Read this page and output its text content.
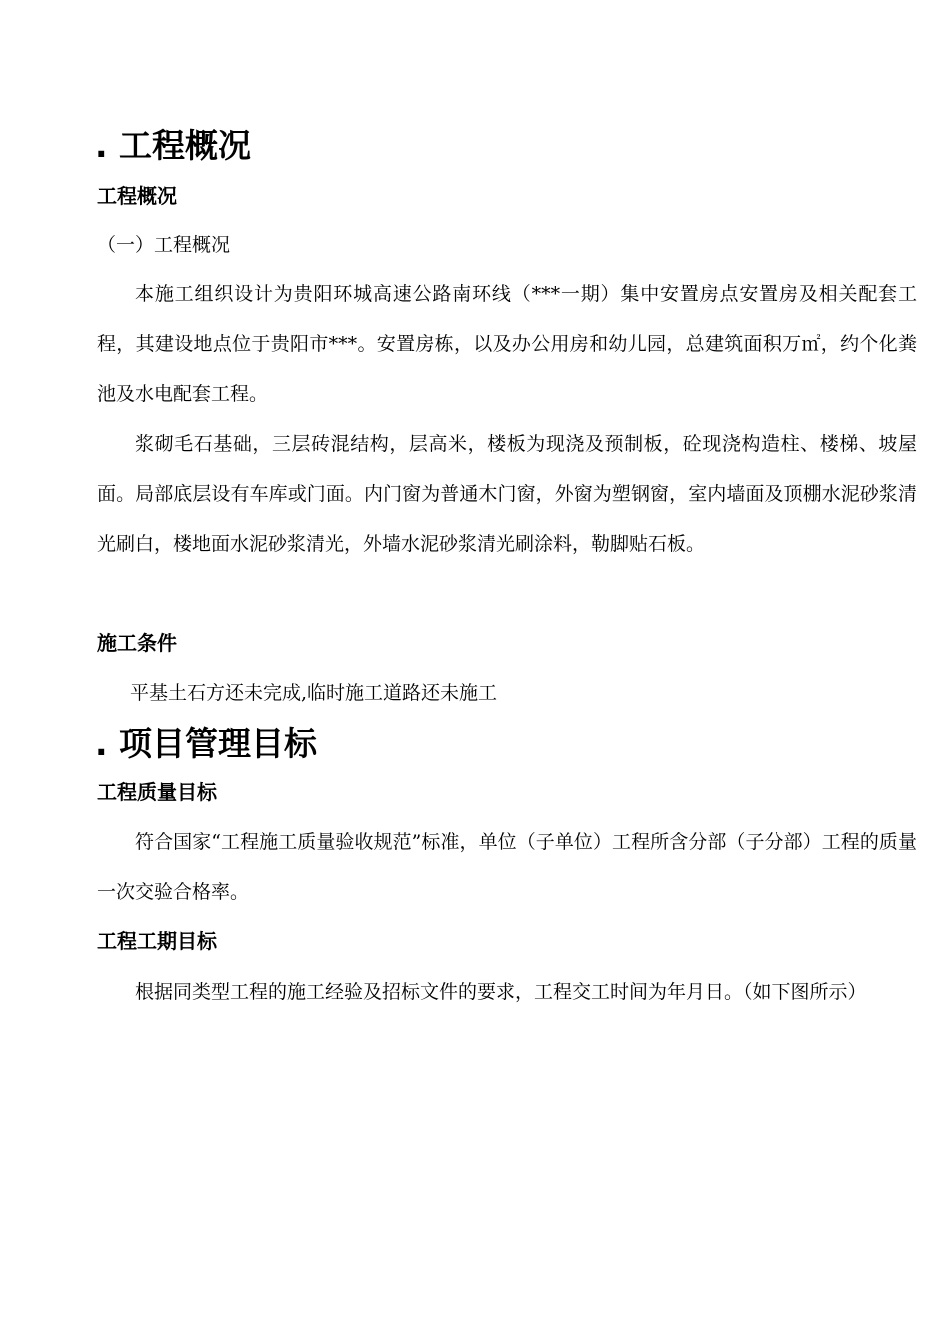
. 工程概况
工程概况
（一）工程概况

本施工组织设计为贵阳环城高速公路南环线（***一期）集中安置房点安置房及相关配套工程，其建设地点位于贵阳市***。安置房栋，以及办公用房和幼儿园，总建筑面积万㎡，约个化粪池及水电配套工程。

浆砌毛石基础，三层砖混结构，层高米，楼板为现浇及预制板，砼现浇构造柱、楼梯、坡屋面。局部底层设有车库或门面。内门窗为普通木门窗，外窗为塑钢窗，室内墙面及顶棚水泥砂浆清光刷白，楼地面水泥砂浆清光，外墙水泥砂浆清光刷涂料，勒脚贴石板。

施工条件
平基土石方还未完成,临时施工道路还未施工
. 项目管理目标
工程质量目标

符合国家“工程施工质量验收规范”标准，单位（子单位）工程所含分部（子分部）工程的质量一次交验合格率。

工程工期目标

根据同类型工程的施工经验及招标文件的要求，工程交工时间为年月日。（如下图所示）
